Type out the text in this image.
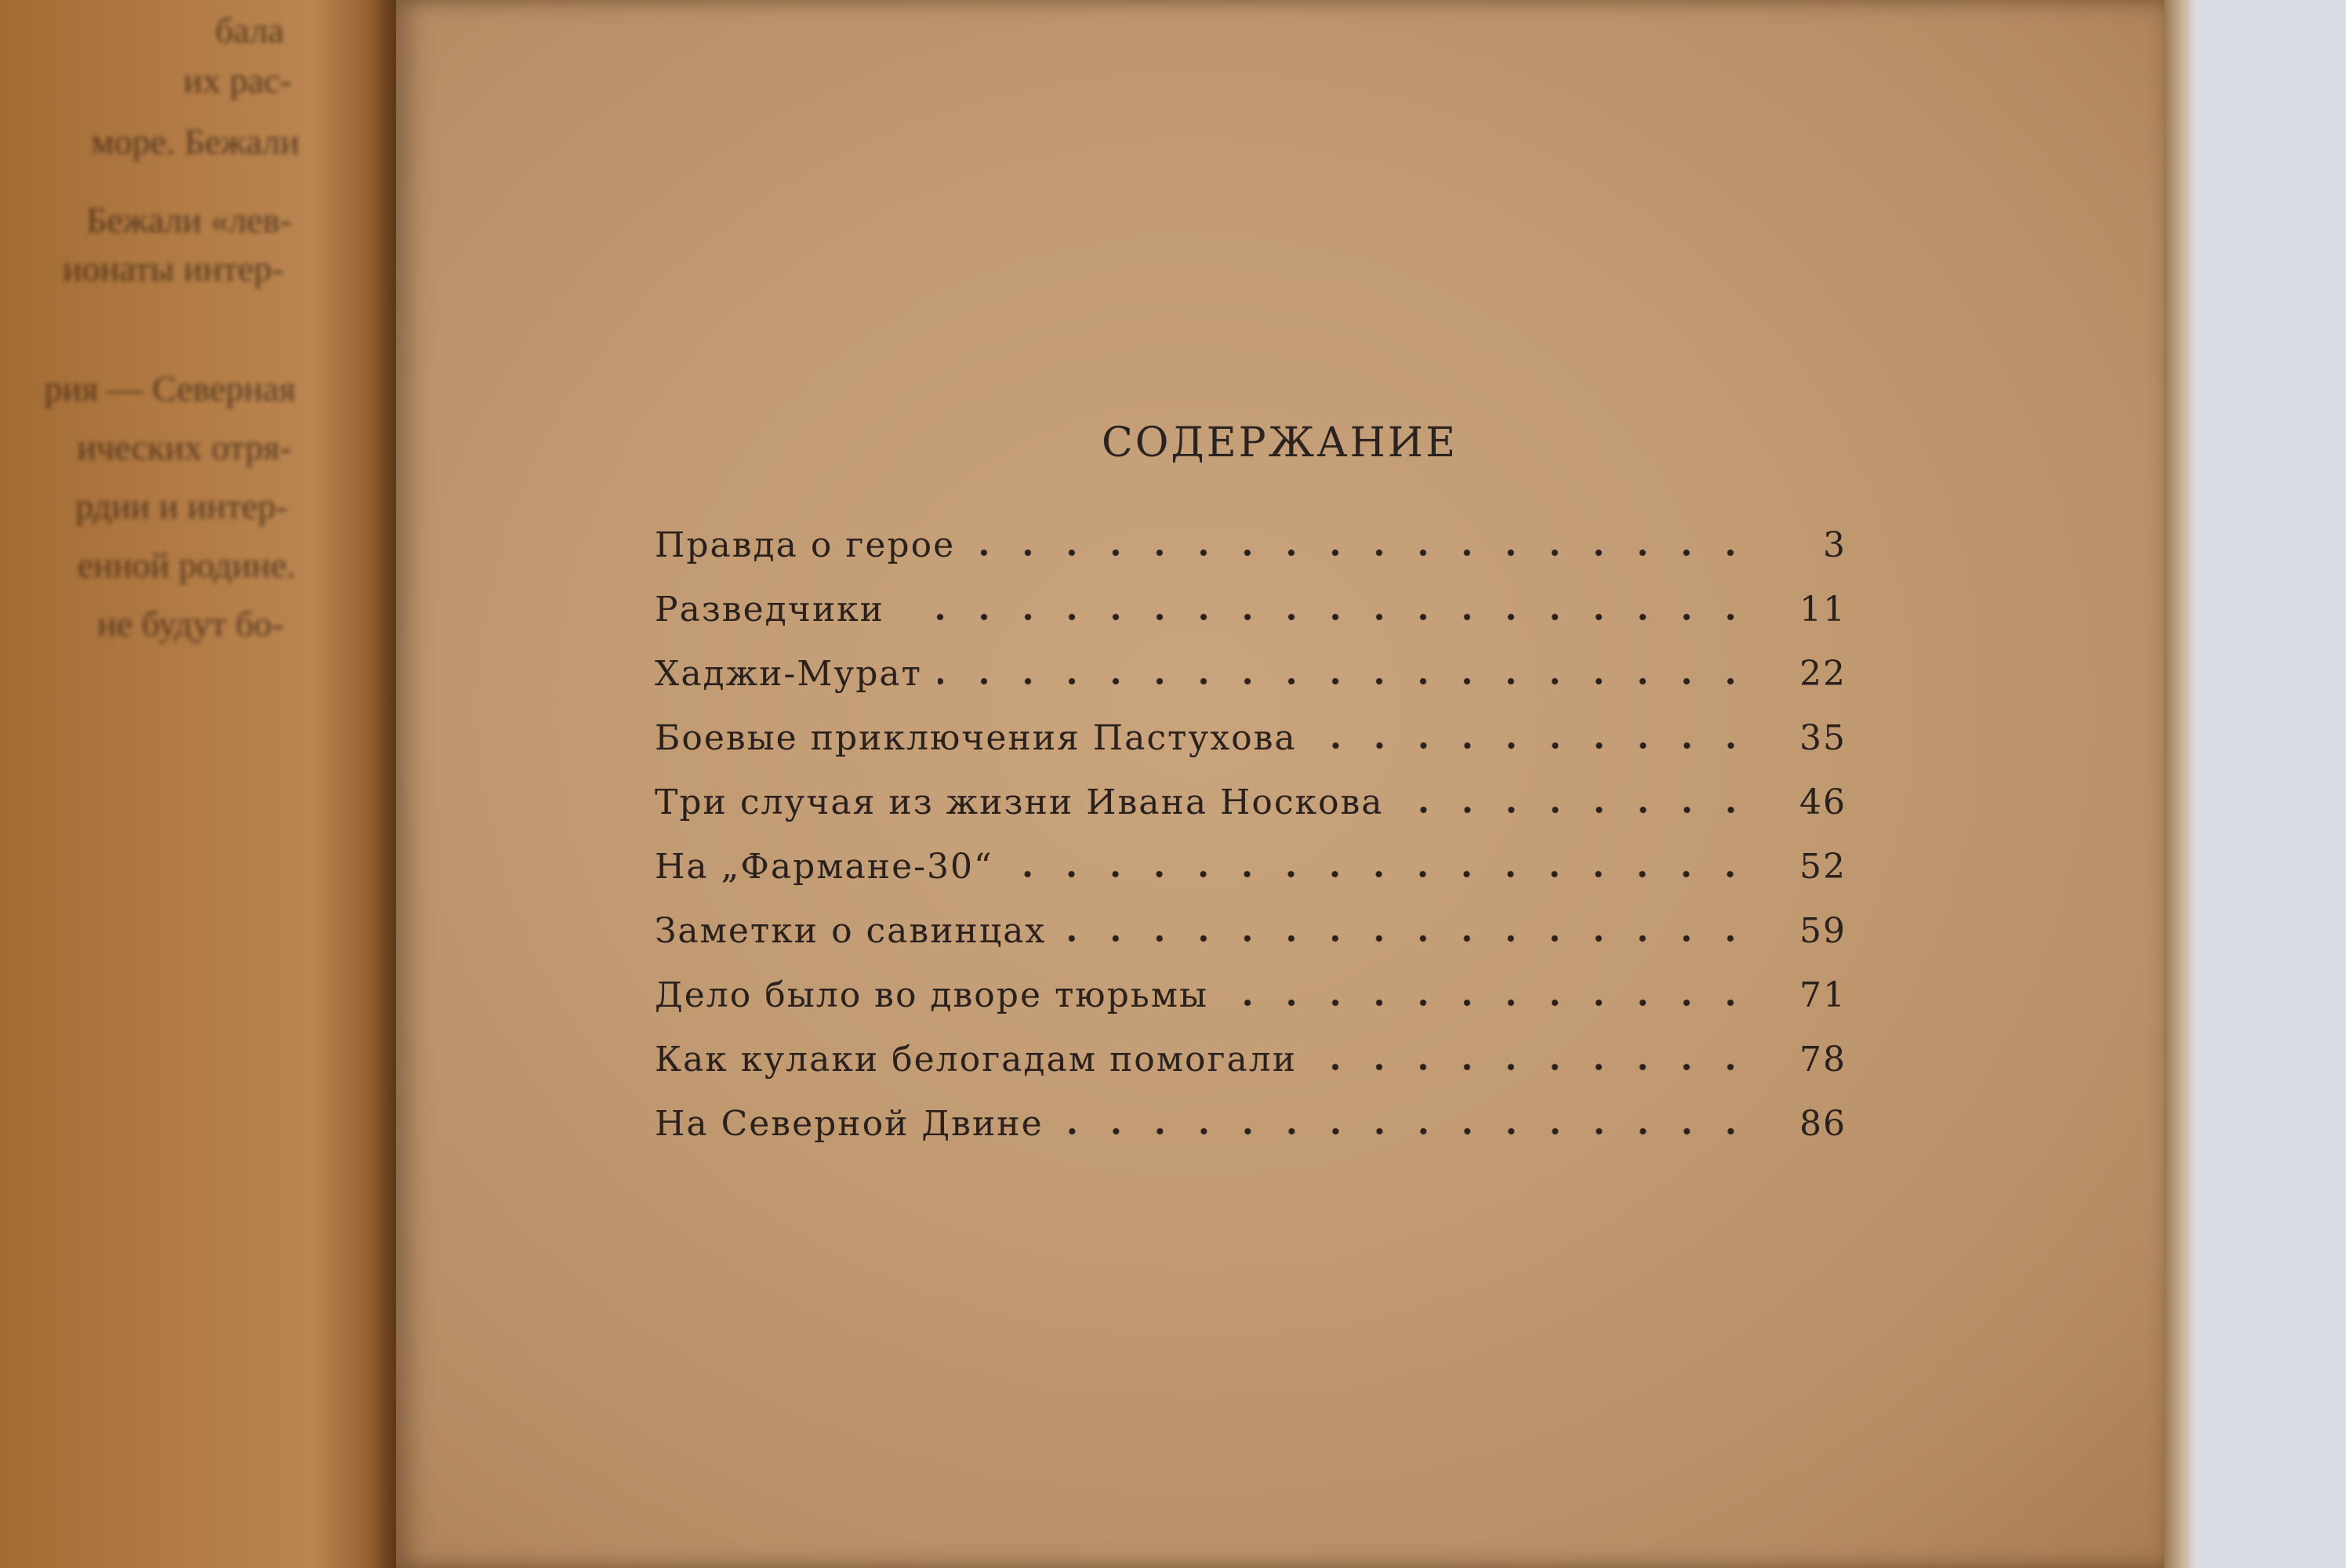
бала
их рас-
море. Бежали
Бежали «лев-
ионаты интер-
рия — Северная
ических отря-
рдии и интер-
енной родине.
не будут бо-
СОДЕРЖАНИЕ
Правда о герое	3
Разведчики	11
Хаджи-Мурат	22
Боевые приключения Пастухова	35
Три случая из жизни Ивана Носкова	46
На „Фармане-30“	52
Заметки о савинцах	59
Дело было во дворе тюрьмы	71
Как кулаки белогадам помогали	78
На Северной Двине	86
